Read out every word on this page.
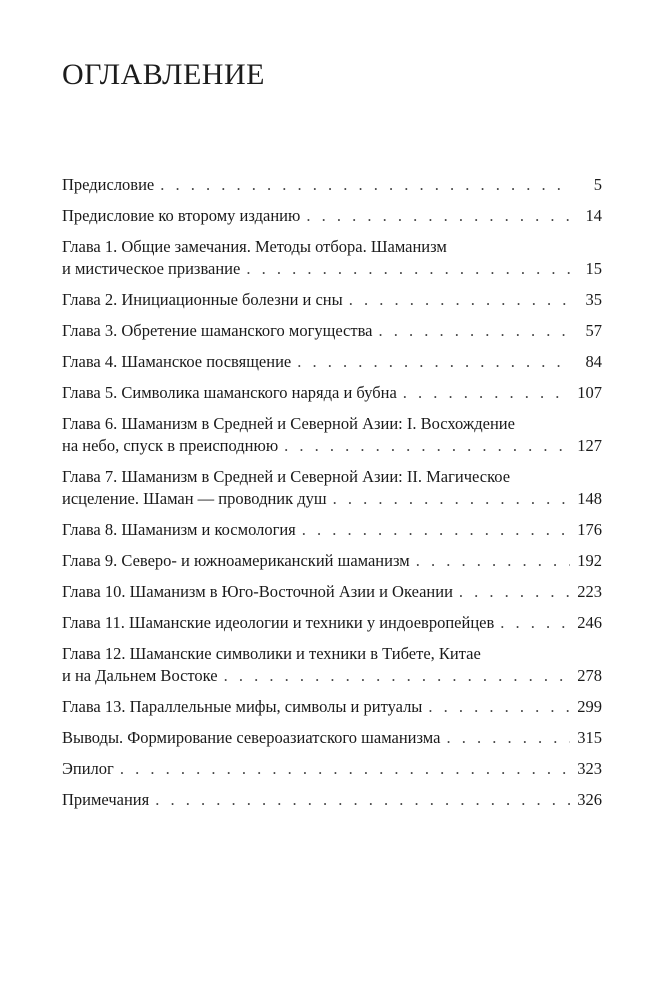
ОГЛАВЛЕНИЕ
Предисловие . . .	5
Предисловие ко второму изданию . . .	14
Глава 1. Общие замечания. Методы отбора. Шаманизм
и мистическое призвание . . .	15
Глава 2. Инициационные болезни и сны . . .	35
Глава 3. Обретение шаманского могущества . . .	57
Глава 4. Шаманское посвящение . . .	84
Глава 5. Символика шаманского наряда и бубна . . .	107
Глава 6. Шаманизм в Средней и Северной Азии: I. Восхождение
на небо, спуск в преисподнюю . . .	127
Глава 7. Шаманизм в Средней и Северной Азии: II. Магическое
исцеление. Шаман — проводник душ . . .	148
Глава 8. Шаманизм и космология . . .	176
Глава 9. Северо- и южноамериканский шаманизм . . .	192
Глава 10. Шаманизм в Юго-Восточной Азии и Океании . . .	223
Глава 11. Шаманские идеологии и техники у индоевропейцев . . .	246
Глава 12. Шаманские символики и техники в Тибете, Китае
и на Дальнем Востоке . . .	278
Глава 13. Параллельные мифы, символы и ритуалы . . .	299
Выводы. Формирование североазиатского шаманизма . . .	315
Эпилог . . .	323
Примечания . . .	326
